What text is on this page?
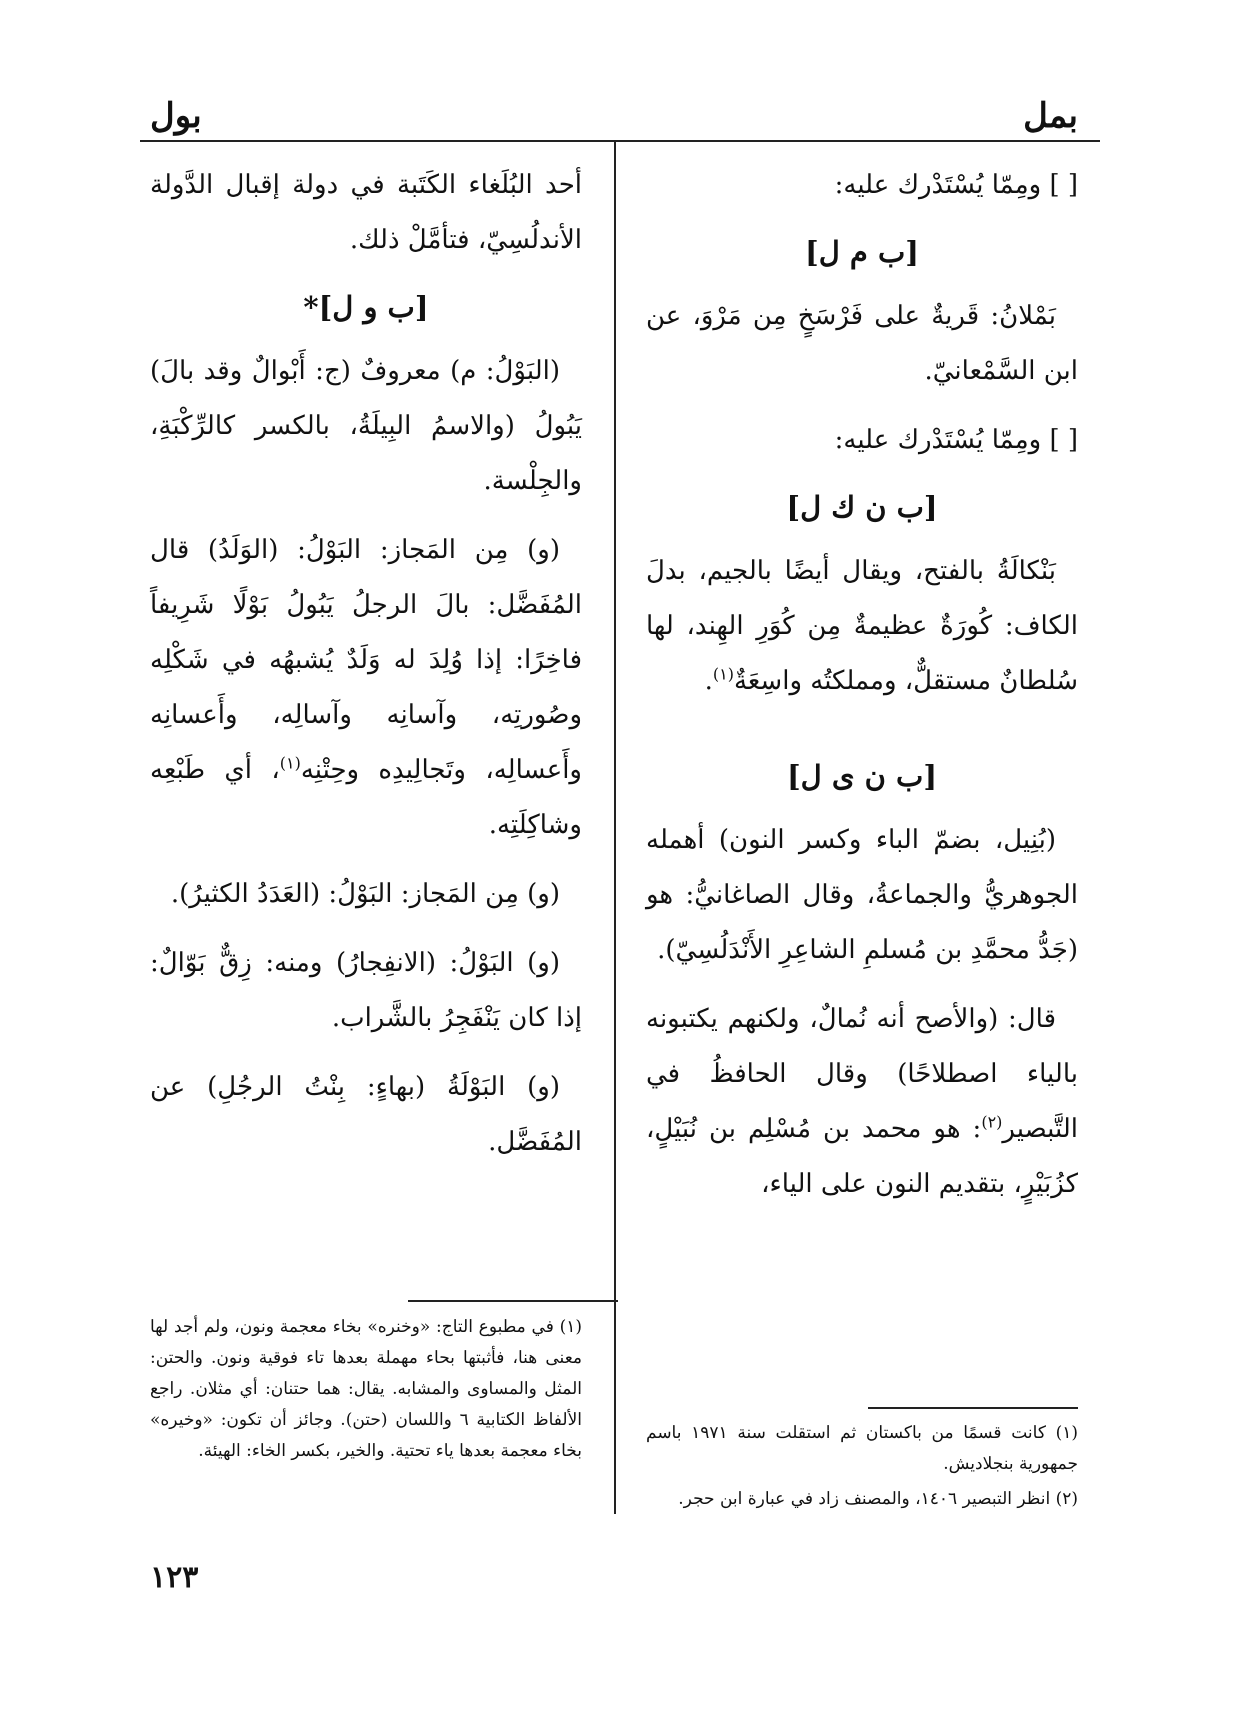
بمل
بول

[ ] ومِمّا يُسْتَدْرك عليه:

[ب م ل]

بَمْلانُ: قَريةٌ على فَرْسَخٍ مِن مَرْوَ، عن ابن السَّمْعانيّ.

[ ] ومِمّا يُسْتَدْرك عليه:

[ب ن ك ل]

بَنْكالَةُ بالفتح، ويقال أيضًا بالجيم، بدلَ الكاف: كُورَةٌ عظيمةٌ مِن كُوَرِ الهِند، لها سُلطانٌ مستقلٌّ، ومملكتُه واسِعَةٌ$^{(١)}$.

[ب ن ى ل]

(بُنِيل، بضمّ الباء وكسر النون) أهمله الجوهريُّ والجماعةُ، وقال الصاغانيُّ: هو (جَدُّ محمَّدِ بن مُسلمِ الشاعِرِ الأَنْدَلُسِيّ).

قال: (والأصح أنه نُمالٌ، ولكنهم يكتبونه بالياء اصطلاحًا) وقال الحافظُ في التَّبصير$^{(٢)}$: هو محمد بن مُسْلِم بن نُبَيْلٍ، كزُبَيْرٍ، بتقديم النون على الياء،

أحد البُلَغاء الكَتَبة في دولة إقبال الدَّولة الأندلُسِيّ، فتأمَّلْ ذلك.

[ب و ل]*

(البَوْلُ: م) معروفٌ (ج: أَبْوالٌ وقد بالَ) يَبُولُ (والاسمُ البِيلَةُ، بالكسر كالرِّكْبَةِ، والجِلْسة.

(و) مِن المَجاز: البَوْلُ: (الوَلَدُ) قال المُفَضَّل: بالَ الرجلُ يَبُولُ بَوْلًا شَرِيفاً فاخِرًا: إذا وُلِدَ له وَلَدٌ يُشبهُه في شَكْلِه وصُورتِه، وآسانِه وآسالِه، وأَعسانِه وأَعسالِه، وتَجالِيدِه وحِتْنِه$^{(١)}$، أي طَبْعِه وشاكِلَتِه.

(و) مِن المَجاز: البَوْلُ: (العَدَدُ الكثيرُ).

(و) البَوْلُ: (الانفِجارُ) ومنه: زِقٌّ بَوّالٌ: إذا كان يَنْفَجِرُ بالشَّراب.

(و) البَوْلَةُ (بهاءٍ: بِنْتُ الرجُلِ) عن المُفَضَّل.

(١) كانت قسمًا من باكستان ثم استقلت سنة ١٩٧١ باسم جمهورية بنجلاديش.

(٢) انظر التبصير ١٤٠٦، والمصنف زاد في عبارة ابن حجر.

(١) في مطبوع التاج: «وخنره» بخاء معجمة ونون، ولم أجد لها معنى هنا، فأثبتها بحاء مهملة بعدها تاء فوقية ونون. والحتن: المثل والمساوى والمشابه. يقال: هما حتنان: أي مثلان. راجع الألفاظ الكتابية ٦ واللسان (حتن). وجائز أن تكون: «وخيره» بخاء معجمة بعدها ياء تحتية. والخير، بكسر الخاء: الهيئة.

١٢٣
